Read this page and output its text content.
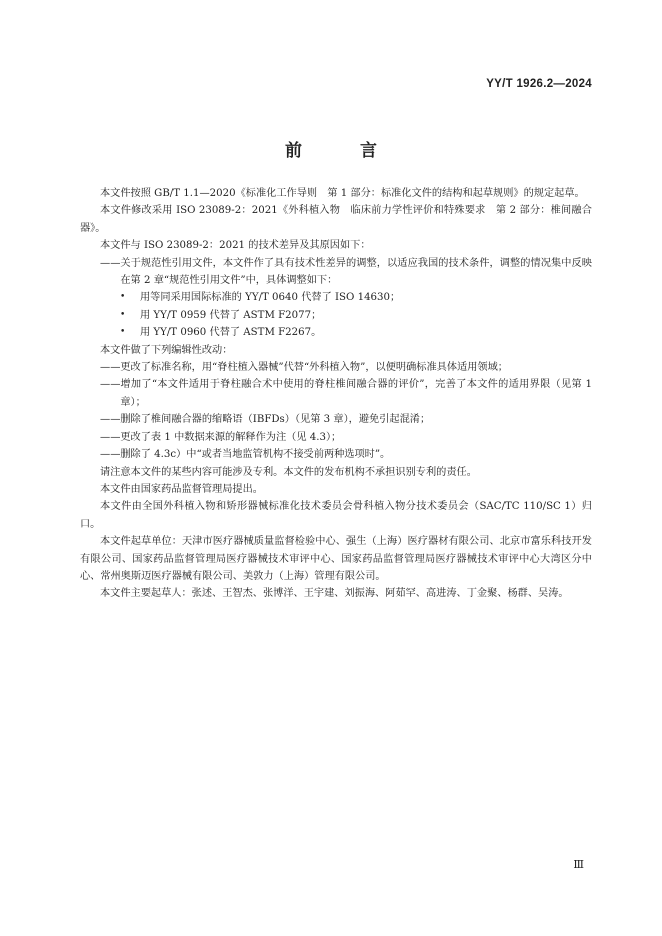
YY/T 1926.2—2024
前 言

本文件按照 GB/T 1.1—2020《标准化工作导则　第 1 部分：标准化文件的结构和起草规则》的规定起草。

本文件修改采用 ISO 23089-2：2021《外科植入物　临床前力学性评价和特殊要求　第 2 部分：椎间融合器》。

本文件与 ISO 23089-2：2021 的技术差异及其原因如下：

—— 关于规范性引用文件，本文件作了具有技术性差异的调整，以适应我国的技术条件，调整的情况集中反映在第 2 章“规范性引用文件”中，具体调整如下：
•	用等同采用国际标准的 YY/T 0640 代替了 ISO 14630；
•	用 YY/T 0959 代替了 ASTM F2077；
•	用 YY/T 0960 代替了 ASTM F2267。

本文件做了下列编辑性改动：

—— 更改了标准名称，用“脊柱植入器械”代替“外科植入物”，以便明确标准具体适用领域；
—— 增加了“本文件适用于脊柱融合术中使用的脊柱椎间融合器的评价”，完善了本文件的适用界限（见第 1 章）；
—— 删除了椎间融合器的缩略语（IBFDs）（见第 3 章），避免引起混淆；
—— 更改了表 1 中数据来源的解释作为注（见 4.3）；
—— 删除了 4.3c）中“或者当地监管机构不接受前两种选项时”。

请注意本文件的某些内容可能涉及专利。本文件的发布机构不承担识别专利的责任。

本文件由国家药品监督管理局提出。

本文件由全国外科植入物和矫形器械标准化技术委员会骨科植入物分技术委员会（SAC/TC 110/SC 1）归口。

本文件起草单位：天津市医疗器械质量监督检验中心、强生（上海）医疗器材有限公司、北京市富乐科技开发有限公司、国家药品监督管理局医疗器械技术审评中心、国家药品监督管理局医疗器械技术审评中心大湾区分中心、常州奥斯迈医疗器械有限公司、美敦力（上海）管理有限公司。

本文件主要起草人：张述、王智杰、张博洋、王宇建、刘振海、阿茹罕、高进涛、丁金聚、杨群、吴涛。

Ⅲ
